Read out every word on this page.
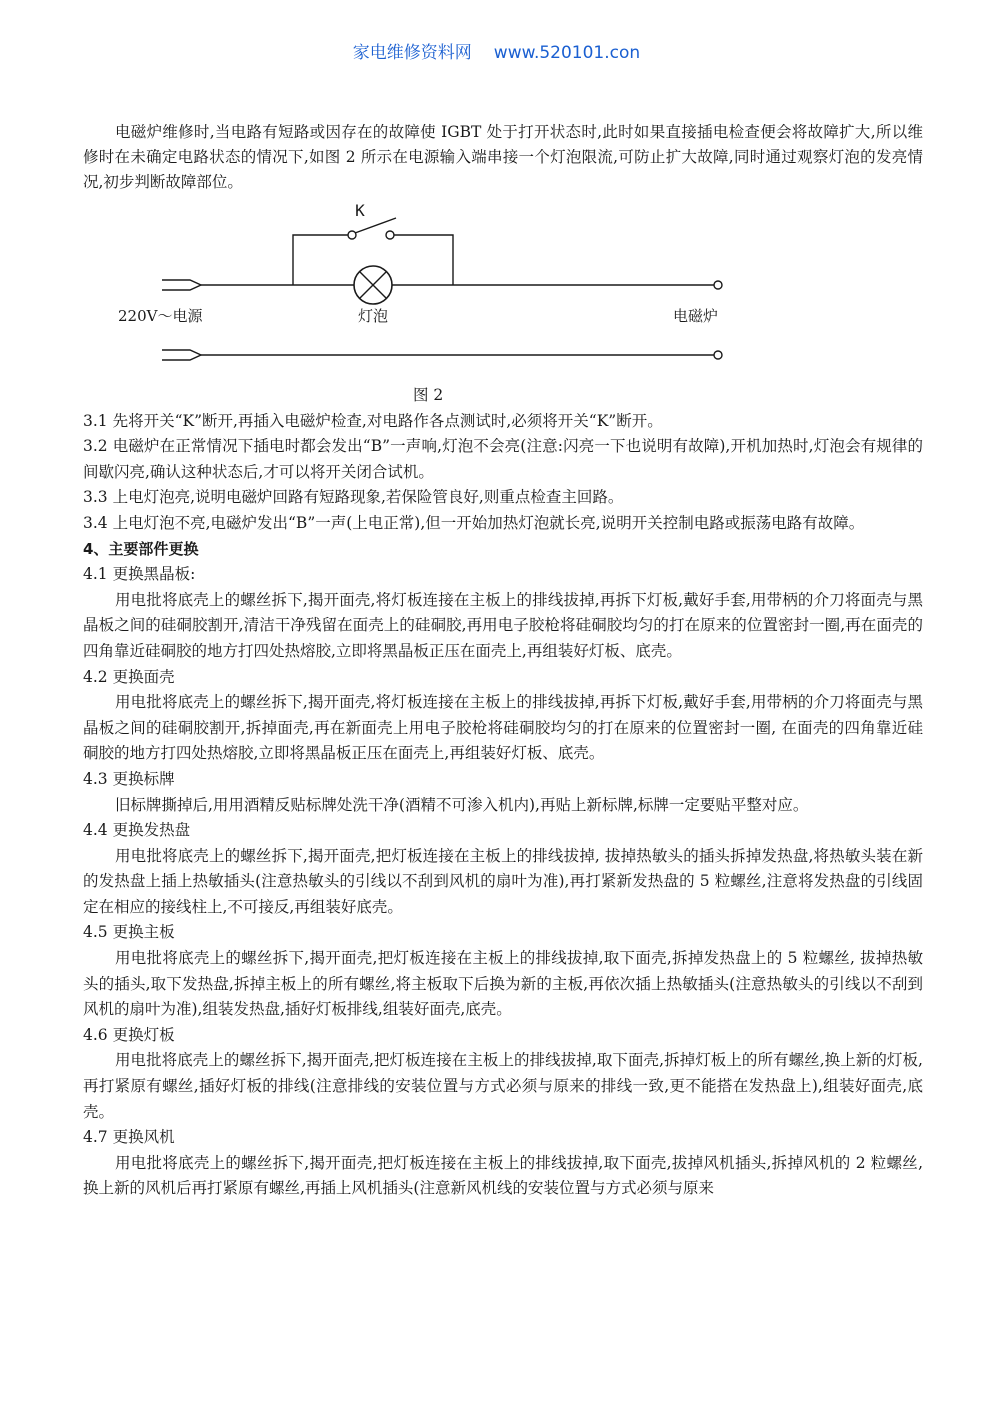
家电维修资料网 www.520101.con

电磁炉维修时,当电路有短路或因存在的故障使 IGBT 处于打开状态时,此时如果直接插电检查便会将故障扩大,所以维修时在未确定电路状态的情况下,如图 2 所示在电源输入端串接一个灯泡限流,可防止扩大故障,同时通过观察灯泡的发亮情况,初步判断故障部位。

K
220V～电源	灯泡	电磁炉

图 2

3.1 先将开关“K”断开,再插入电磁炉检查,对电路作各点测试时,必须将开关“K”断开。

3.2 电磁炉在正常情况下插电时都会发出“B”一声响,灯泡不会亮(注意:闪亮一下也说明有故障),开机加热时,灯泡会有规律的间歇闪亮,确认这种状态后,才可以将开关闭合试机。

3.3 上电灯泡亮,说明电磁炉回路有短路现象,若保险管良好,则重点检查主回路。

3.4 上电灯泡不亮,电磁炉发出“B”一声(上电正常),但一开始加热灯泡就长亮,说明开关控制电路或振荡电路有故障。

4、主要部件更换

4.1 更换黑晶板:

用电批将底壳上的螺丝拆下,揭开面壳,将灯板连接在主板上的排线拔掉,再拆下灯板,戴好手套,用带柄的介刀将面壳与黑晶板之间的硅硐胶割开,清洁干净残留在面壳上的硅硐胶,再用电子胶枪将硅硐胶均匀的打在原来的位置密封一圈,再在面壳的四角靠近硅硐胶的地方打四处热熔胶,立即将黑晶板正压在面壳上,再组装好灯板、底壳。

4.2 更换面壳

用电批将底壳上的螺丝拆下,揭开面壳,将灯板连接在主板上的排线拔掉,再拆下灯板,戴好手套,用带柄的介刀将面壳与黑晶板之间的硅硐胶割开,拆掉面壳,再在新面壳上用电子胶枪将硅硐胶均匀的打在原来的位置密封一圈, 在面壳的四角靠近硅硐胶的地方打四处热熔胶,立即将黑晶板正压在面壳上,再组装好灯板、底壳。

4.3 更换标牌

旧标牌撕掉后,用用酒精反贴标牌处洗干净(酒精不可渗入机内),再贴上新标牌,标牌一定要贴平整对应。

4.4 更换发热盘

用电批将底壳上的螺丝拆下,揭开面壳,把灯板连接在主板上的排线拔掉, 拔掉热敏头的插头拆掉发热盘,将热敏头装在新的发热盘上插上热敏插头(注意热敏头的引线以不刮到风机的扇叶为准),再打紧新发热盘的 5 粒螺丝,注意将发热盘的引线固定在相应的接线柱上,不可接反,再组装好底壳。

4.5 更换主板

用电批将底壳上的螺丝拆下,揭开面壳,把灯板连接在主板上的排线拔掉,取下面壳,拆掉发热盘上的 5 粒螺丝, 拔掉热敏头的插头,取下发热盘,拆掉主板上的所有螺丝,将主板取下后换为新的主板,再依次插上热敏插头(注意热敏头的引线以不刮到风机的扇叶为准),组装发热盘,插好灯板排线,组装好面壳,底壳。

4.6 更换灯板

用电批将底壳上的螺丝拆下,揭开面壳,把灯板连接在主板上的排线拔掉,取下面壳,拆掉灯板上的所有螺丝,换上新的灯板,再打紧原有螺丝,插好灯板的排线(注意排线的安装位置与方式必须与原来的排线一致,更不能搭在发热盘上),组装好面壳,底壳。

4.7 更换风机

用电批将底壳上的螺丝拆下,揭开面壳,把灯板连接在主板上的排线拔掉,取下面壳,拔掉风机插头,拆掉风机的 2 粒螺丝,换上新的风机后再打紧原有螺丝,再插上风机插头(注意新风机线的安装位置与方式必须与原来
